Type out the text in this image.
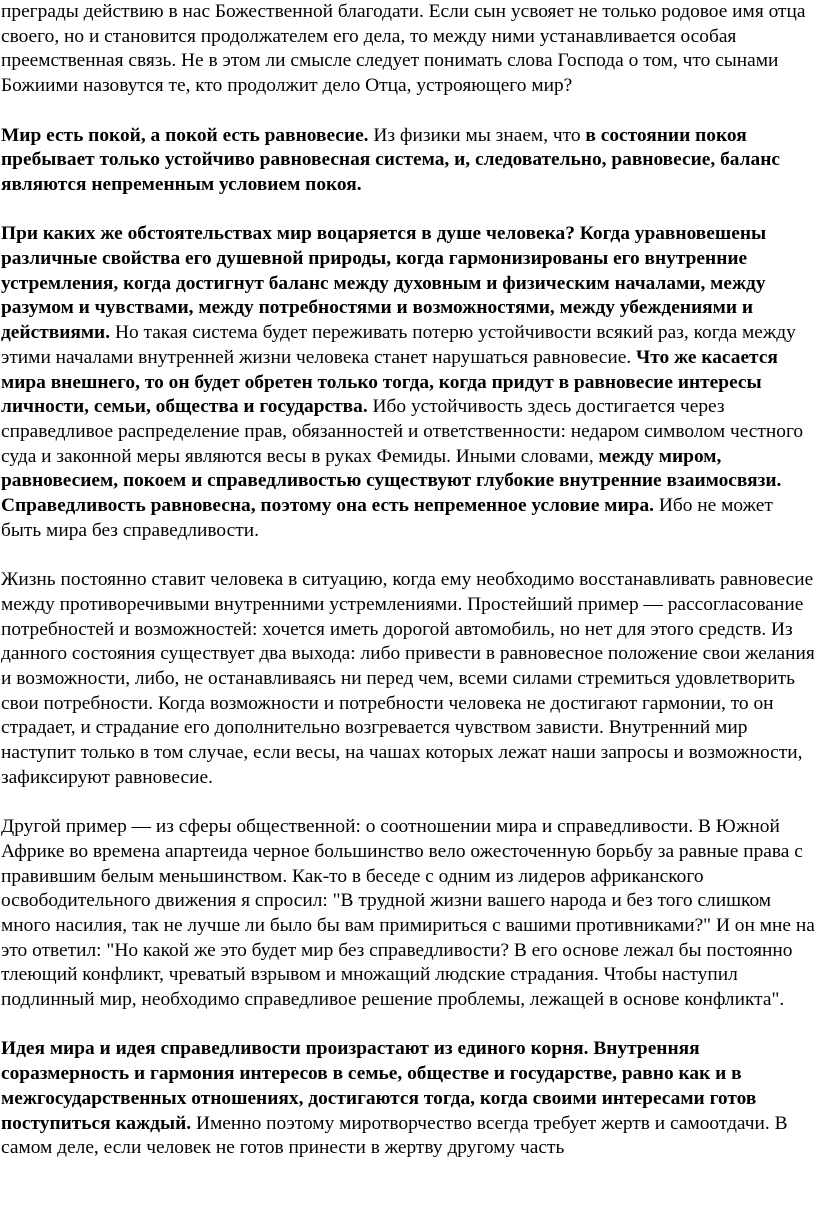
преграды действию в нас Божественной благодати. Если сын усвояет не только родовое имя отца своего, но и становится продолжателем его дела, то между ними устанавливается особая преемственная связь. Не в этом ли смысле следует понимать слова Господа о том, что сынами Божиими назовутся те, кто продолжит дело Отца, устрояющего мир?

Мир есть покой, а покой есть равновесие. Из физики мы знаем, что в состоянии покоя пребывает только устойчиво равновесная система, и, следовательно, равновесие, баланс являются непременным условием покоя.

При каких же обстоятельствах мир воцаряется в душе человека? Когда уравновешены различные свойства его душевной природы, когда гармонизированы его внутренние устремления, когда достигнут баланс между духовным и физическим началами, между разумом и чувствами, между потребностями и возможностями, между убеждениями и действиями. Но такая система будет переживать потерю устойчивости всякий раз, когда между этими началами внутренней жизни человека станет нарушаться равновесие. Что же касается мира внешнего, то он будет обретен только тогда, когда придут в равновесие интересы личности, семьи, общества и государства. Ибо устойчивость здесь достигается через справедливое распределение прав, обязанностей и ответственности: недаром символом честного суда и законной меры являются весы в руках Фемиды. Иными словами, между миром, равновесием, покоем и справедливостью существуют глубокие внутренние взаимосвязи. Справедливость равновесна, поэтому она есть непременное условие мира. Ибо не может быть мира без справедливости.

Жизнь постоянно ставит человека в ситуацию, когда ему необходимо восстанавливать равновесие между противоречивыми внутренними устремлениями. Простейший пример — рассогласование потребностей и возможностей: хочется иметь дорогой автомобиль, но нет для этого средств. Из данного состояния существует два выхода: либо привести в равновесное положение свои желания и возможности, либо, не останавливаясь ни перед чем, всеми силами стремиться удовлетворить свои потребности. Когда возможности и потребности человека не достигают гармонии, то он страдает, и страдание его дополнительно возгревается чувством зависти. Внутренний мир наступит только в том случае, если весы, на чашах которых лежат наши запросы и возможности, зафиксируют равновесие.

Другой пример — из сферы общественной: о соотношении мира и справедливости. В Южной Африке во времена апартеида черное большинство вело ожесточенную борьбу за равные права с правившим белым меньшинством. Как-то в беседе с одним из лидеров африканского освободительного движения я спросил: "В трудной жизни вашего народа и без того слишком много насилия, так не лучше ли было бы вам примириться с вашими противниками?" И он мне на это ответил: "Но какой же это будет мир без справедливости? В его основе лежал бы постоянно тлеющий конфликт, чреватый взрывом и множащий людские страдания. Чтобы наступил подлинный мир, необходимо справедливое решение проблемы, лежащей в основе конфликта".

Идея мира и идея справедливости произрастают из единого корня. Внутренняя соразмерность и гармония интересов в семье, обществе и государстве, равно как и в межгосударственных отношениях, достигаются тогда, когда своими интересами готов поступиться каждый. Именно поэтому миротворчество всегда требует жертв и самоотдачи. В самом деле, если человек не готов принести в жертву другому часть
